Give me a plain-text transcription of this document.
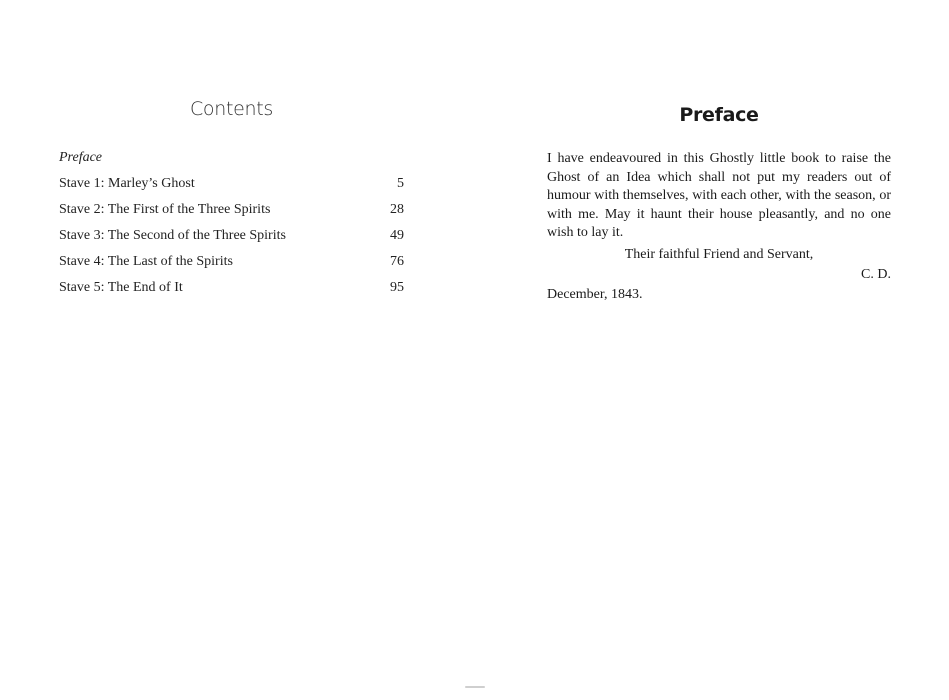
Contents
Preface
Stave 1: Marley’s Ghost	5
Stave 2: The First of the Three Spirits	28
Stave 3: The Second of the Three Spirits	49
Stave 4: The Last of the Spirits	76
Stave 5: The End of It	95
Preface

I have endeavoured in this Ghostly little book to raise the Ghost of an Idea which shall not put my readers out of humour with themselves, with each other, with the season, or with me. May it haunt their house pleasantly, and no one wish to lay it.

Their faithful Friend and Servant,

C. D.

December, 1843.
